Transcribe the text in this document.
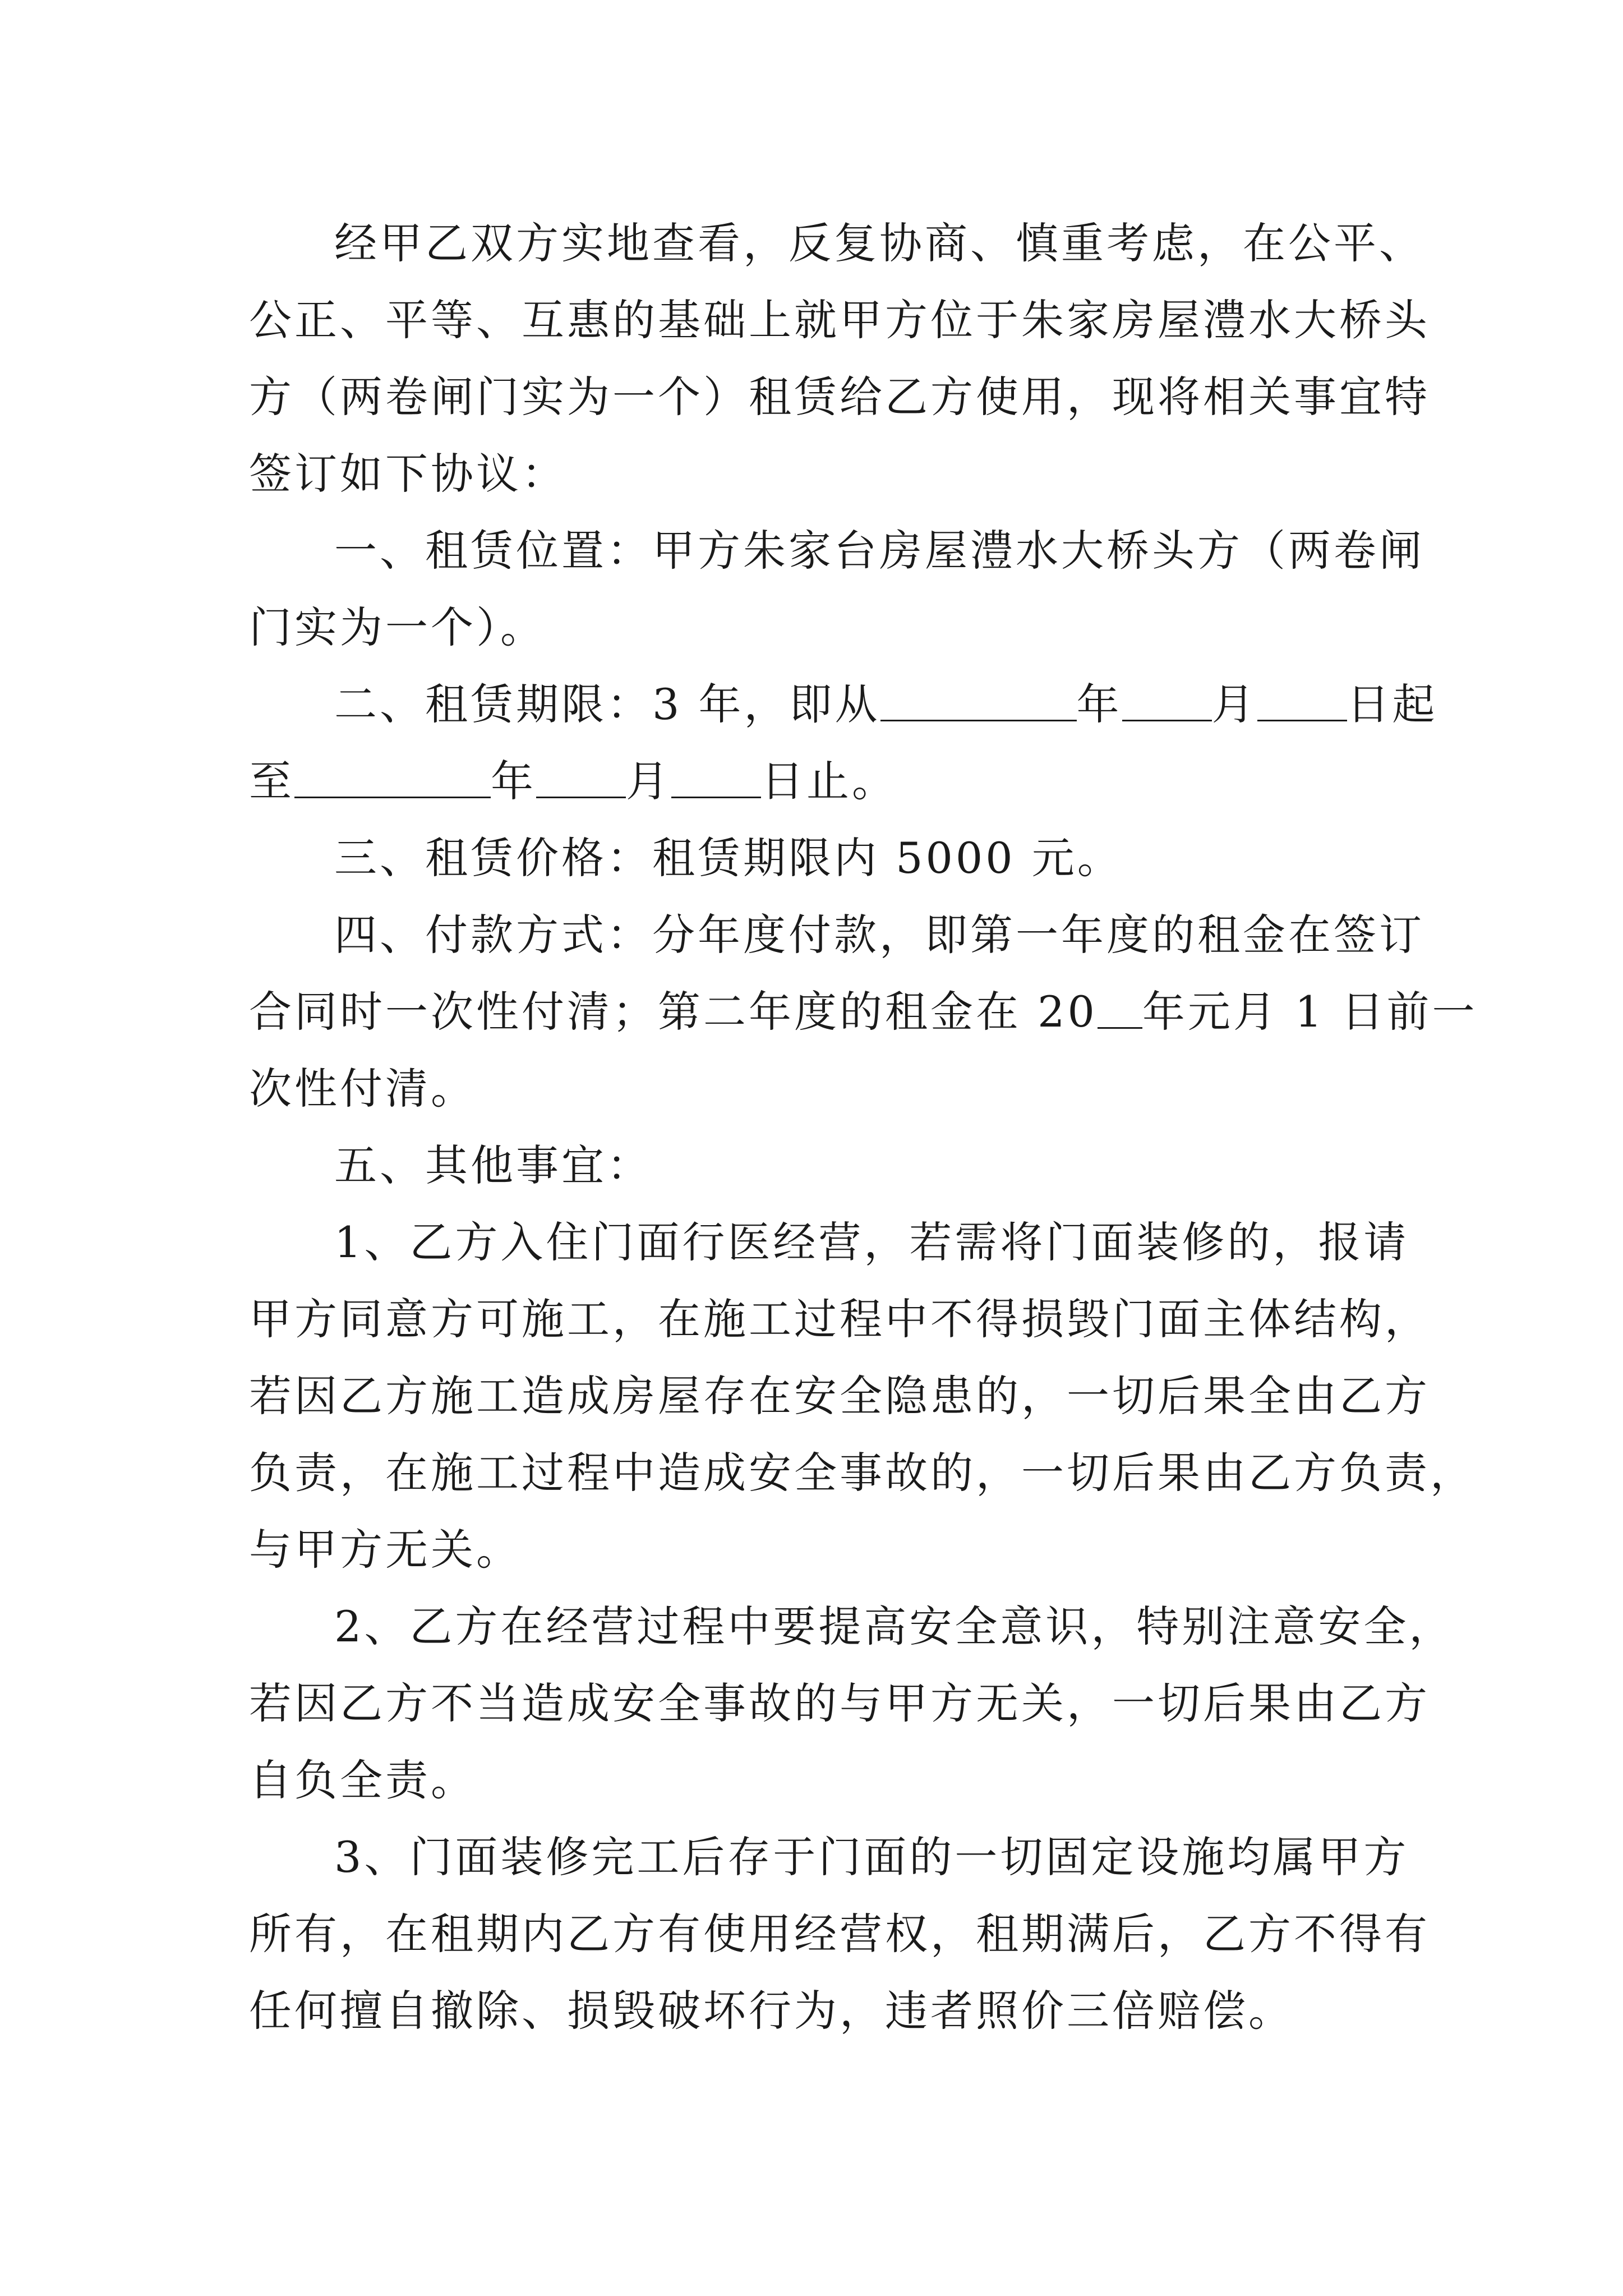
经甲乙双方实地查看，反复协商、慎重考虑，在公平、
公正、平等、互惠的基础上就甲方位于朱家房屋澧水大桥头
方（两卷闸门实为一个）租赁给乙方使用，现将相关事宜特
签订如下协议：
一、租赁位置：甲方朱家台房屋澧水大桥头方（两卷闸
门实为一个）。
二、租赁期限：3 年，即从	年 月 日起
至	年 月 日止。
三、租赁价格：租赁期限内 5000 元。
四、付款方式：分年度付款，即第一年度的租金在签订
合同时一次性付清；第二年度的租金在 20 年元月 1 日前一
次性付清。
五、其他事宜：
1、乙方入住门面行医经营，若需将门面装修的，报请
甲方同意方可施工，在施工过程中不得损毁门面主体结构，
若因乙方施工造成房屋存在安全隐患的，一切后果全由乙方
负责，在施工过程中造成安全事故的，一切后果由乙方负责，
与甲方无关。
2、乙方在经营过程中要提高安全意识，特别注意安全，
若因乙方不当造成安全事故的与甲方无关，一切后果由乙方
自负全责。
3、门面装修完工后存于门面的一切固定设施均属甲方
所有，在租期内乙方有使用经营权，租期满后，乙方不得有
任何擅自撤除、损毁破坏行为，违者照价三倍赔偿。
